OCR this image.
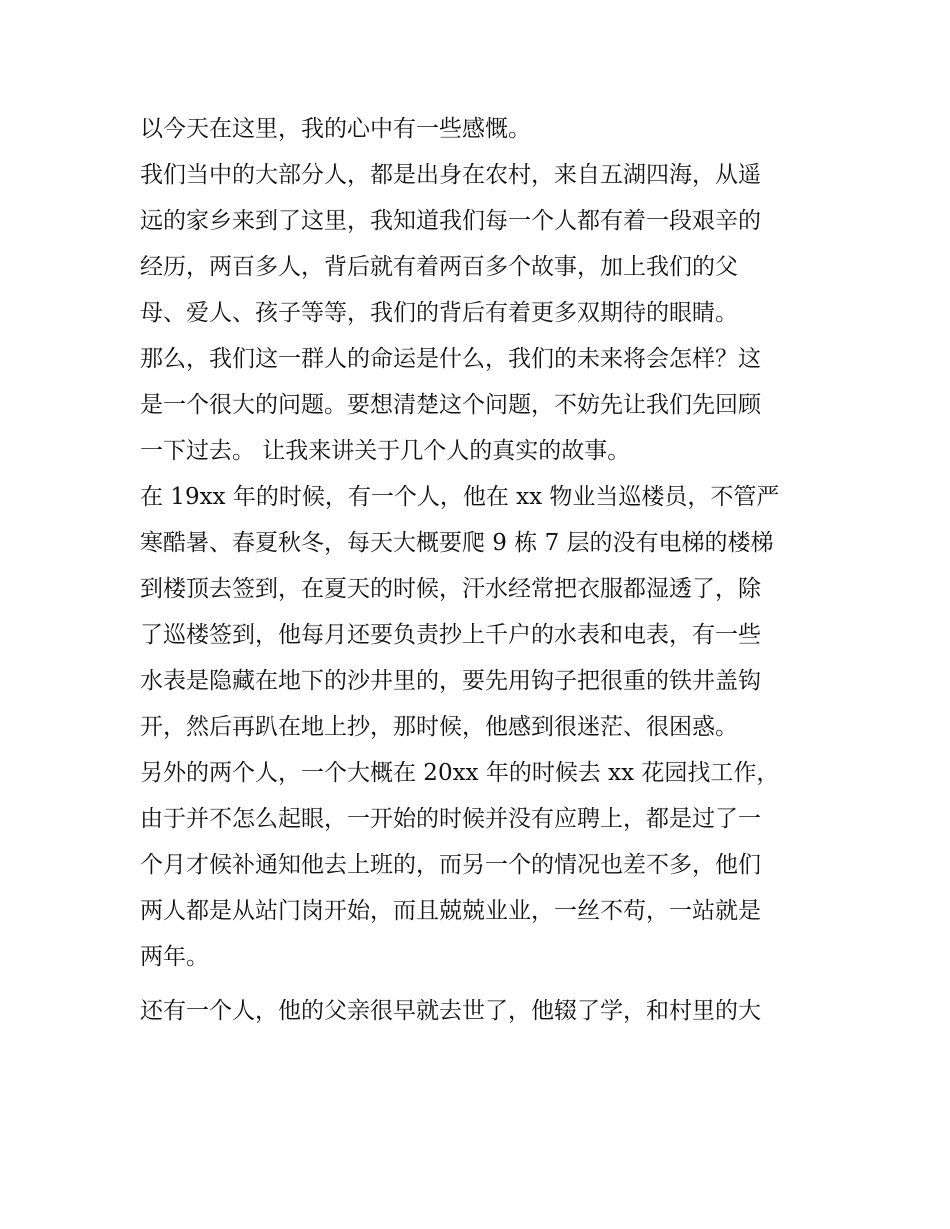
以今天在这里，我的心中有一些感慨。
我们当中的大部分人，都是出身在农村，来自五湖四海，从遥
远的家乡来到了这里，我知道我们每一个人都有着一段艰辛的
经历，两百多人，背后就有着两百多个故事，加上我们的父
母、爱人、孩子等等，我们的背后有着更多双期待的眼睛。
那么，我们这一群人的命运是什么，我们的未来将会怎样？这
是一个很大的问题。要想清楚这个问题，不妨先让我们先回顾
一下过去。 让我来讲关于几个人的真实的故事。
在 19xx 年的时候，有一个人，他在 xx 物业当巡楼员，不管严
寒酷暑、春夏秋冬，每天大概要爬 9 栋 7 层的没有电梯的楼梯
到楼顶去签到，在夏天的时候，汗水经常把衣服都湿透了，除
了巡楼签到，他每月还要负责抄上千户的水表和电表，有一些
水表是隐藏在地下的沙井里的，要先用钩子把很重的铁井盖钩
开，然后再趴在地上抄，那时候，他感到很迷茫、很困惑。
另外的两个人，一个大概在 20xx 年的时候去 xx 花园找工作，
由于并不怎么起眼，一开始的时候并没有应聘上，都是过了一
个月才候补通知他去上班的，而另一个的情况也差不多，他们
两人都是从站门岗开始，而且兢兢业业，一丝不苟，一站就是
两年。
还有一个人，他的父亲很早就去世了，他辍了学，和村里的大
